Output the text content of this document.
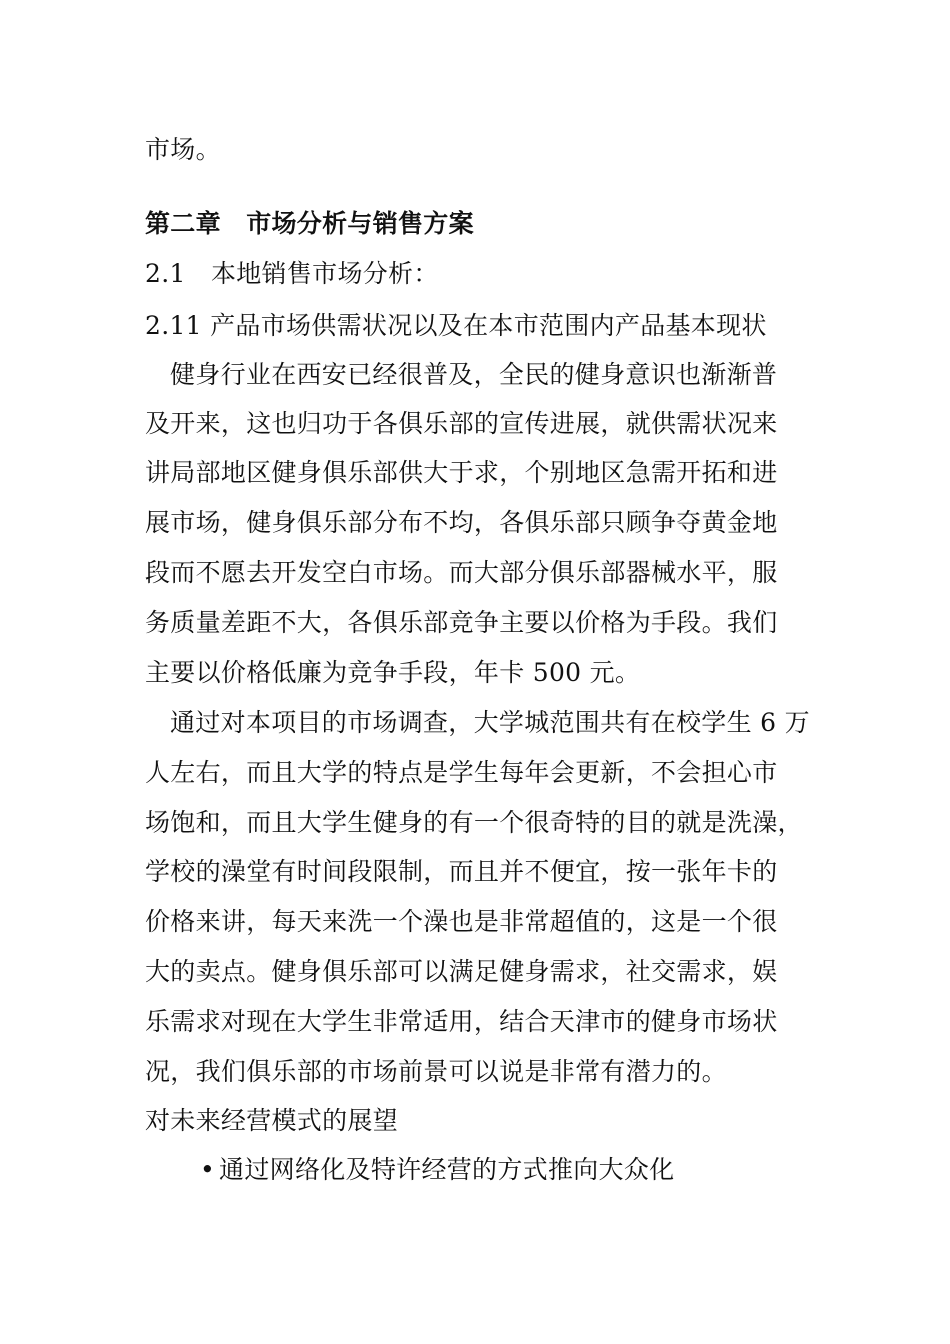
市场。
第二章　市场分析与销售方案
2.1　本地销售市场分析：
2.11 产品市场供需状况以及在本市范围内产品基本现状
健身行业在西安已经很普及，全民的健身意识也渐渐普
及开来，这也归功于各俱乐部的宣传进展，就供需状况来
讲局部地区健身俱乐部供大于求，个别地区急需开拓和进
展市场，健身俱乐部分布不均，各俱乐部只顾争夺黄金地
段而不愿去开发空白市场。而大部分俱乐部器械水平，服
务质量差距不大，各俱乐部竞争主要以价格为手段。我们
主要以价格低廉为竞争手段，年卡 500 元。
通过对本项目的市场调查，大学城范围共有在校学生 6 万
人左右，而且大学的特点是学生每年会更新，不会担心市
场饱和，而且大学生健身的有一个很奇特的目的就是洗澡，
学校的澡堂有时间段限制，而且并不便宜，按一张年卡的
价格来讲，每天来洗一个澡也是非常超值的，这是一个很
大的卖点。健身俱乐部可以满足健身需求，社交需求，娱
乐需求对现在大学生非常适用，结合天津市的健身市场状
况，我们俱乐部的市场前景可以说是非常有潜力的。
对未来经营模式的展望
• 通过网络化及特许经营的方式推向大众化
